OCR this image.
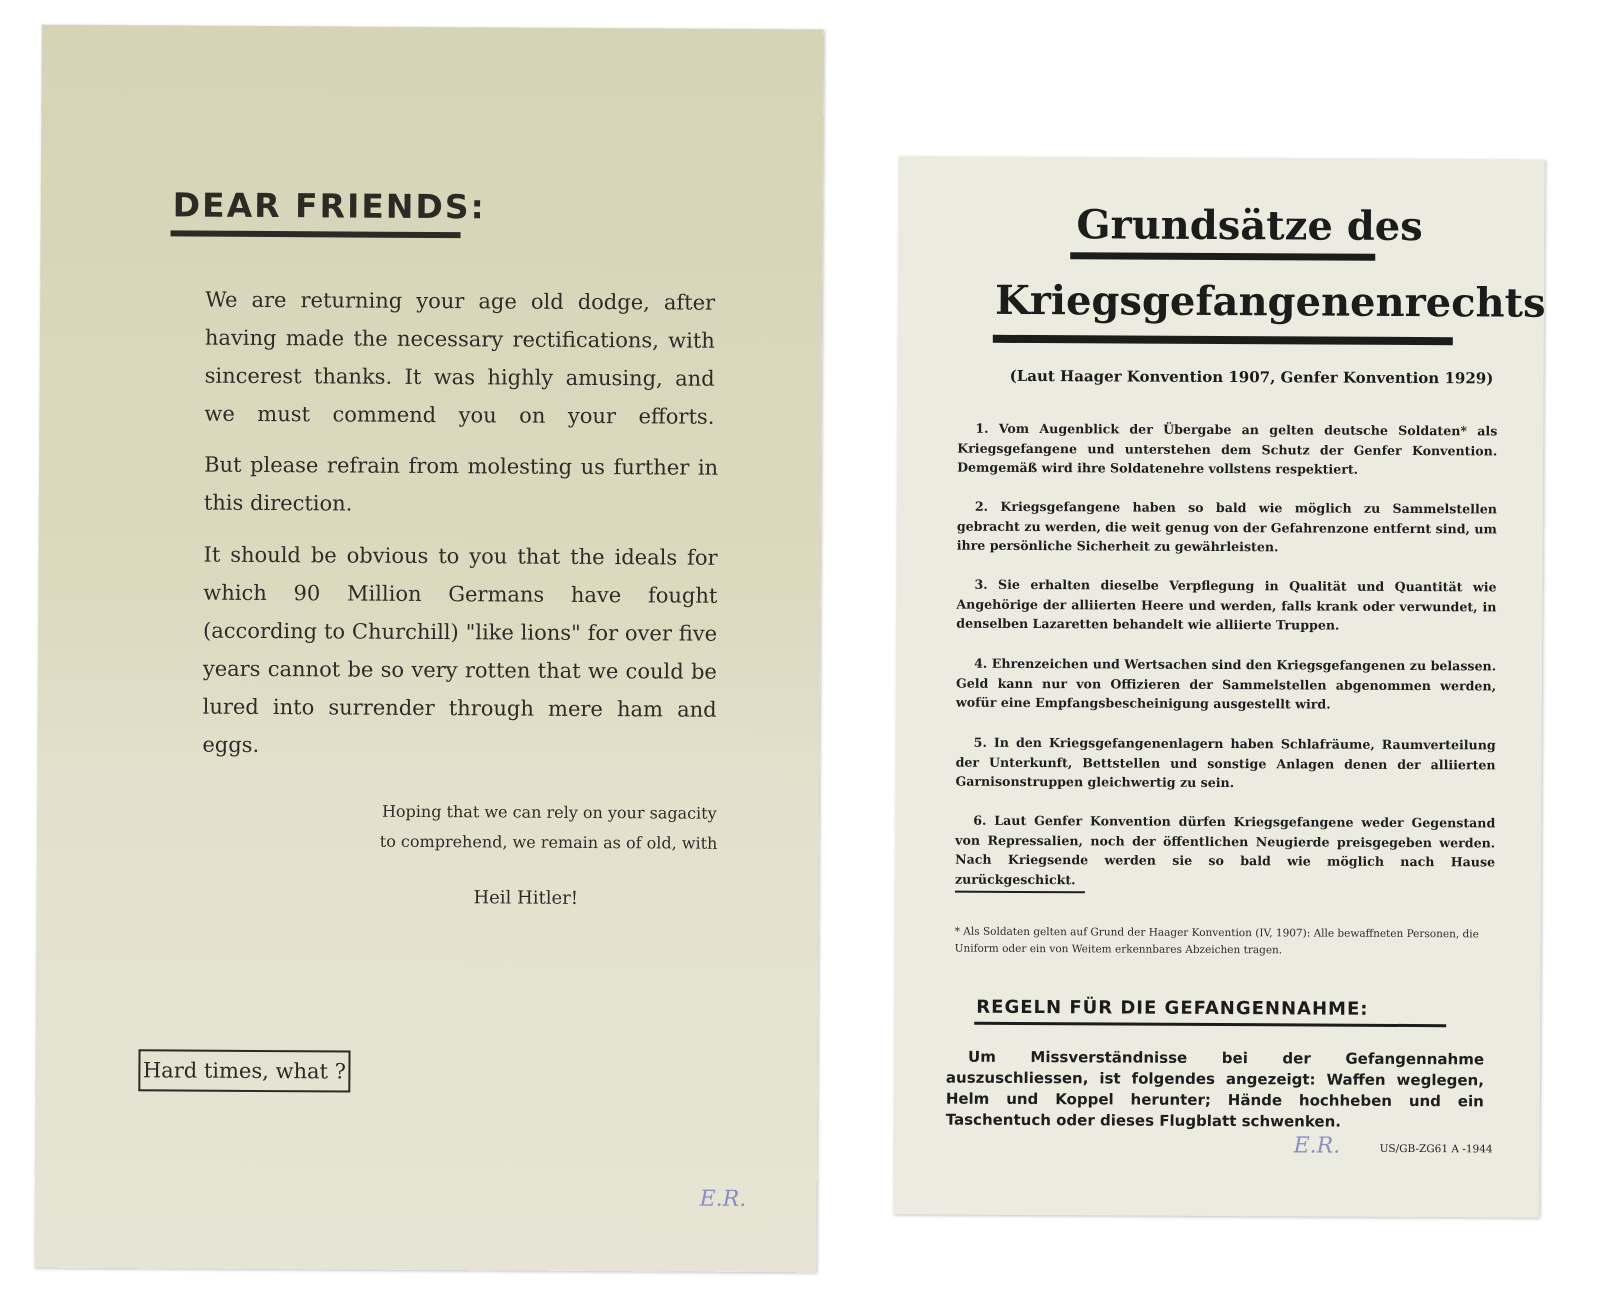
DEAR FRIENDS:
We are returning your age old dodge, after having made the necessary rectifications, with sincerest thanks. It was highly amusing, and we must commend you on your efforts.
But please refrain from molesting us further in this direction.
It should be obvious to you that the ideals for which 90 Million Germans have fought (according to Churchill) "like lions" for over five years cannot be so very rotten that we could be lured into surrender through mere ham and eggs.
Hoping that we can rely on your sagacity
to comprehend, we remain as of old, with
Heil Hitler!
Hard times, what ?
E.R.
Grundsätze des
Kriegsgefangenenrechts
(Laut Haager Konvention 1907, Genfer Konvention 1929)
1. Vom Augenblick der Übergabe an gelten deutsche Soldaten* als Kriegsgefangene und unterstehen dem Schutz der Genfer Konvention. Demgemäß wird ihre Soldatenehre vollstens respektiert.
2. Kriegsgefangene haben so bald wie möglich zu Sammelstellen gebracht zu werden, die weit genug von der Gefahrenzone entfernt sind, um ihre persönliche Sicherheit zu gewährleisten.
3. Sie erhalten dieselbe Verpflegung in Qualität und Quantität wie Angehörige der alliierten Heere und werden, falls krank oder verwundet, in denselben Lazaretten behandelt wie alliierte Truppen.
4. Ehrenzeichen und Wertsachen sind den Kriegsgefangenen zu belassen. Geld kann nur von Offizieren der Sammelstellen abgenommen werden, wofür eine Empfangsbescheinigung ausgestellt wird.
5. In den Kriegsgefangenenlagern haben Schlafräume, Raumverteilung der Unterkunft, Bettstellen und sonstige Anlagen denen der alliierten Garnisonstruppen gleichwertig zu sein.
6. Laut Genfer Konvention dürfen Kriegsgefangene weder Gegenstand von Repressalien, noch der öffentlichen Neugierde preisgegeben werden. Nach Kriegsende werden sie so bald wie möglich nach Hause zurückgeschickt.
* Als Soldaten gelten auf Grund der Haager Konvention (IV, 1907): Alle bewaffneten Personen, die Uniform oder ein von Weitem erkennbares Abzeichen tragen.
REGELN FÜR DIE GEFANGENNAHME:
Um Missverständnisse bei der Gefangennahme auszuschliessen, ist folgendes angezeigt: Waffen weglegen, Helm und Koppel herunter; Hände hochheben und ein Taschentuch oder dieses Flugblatt schwenken.
E.R.	US/GB-ZG61 A -1944
